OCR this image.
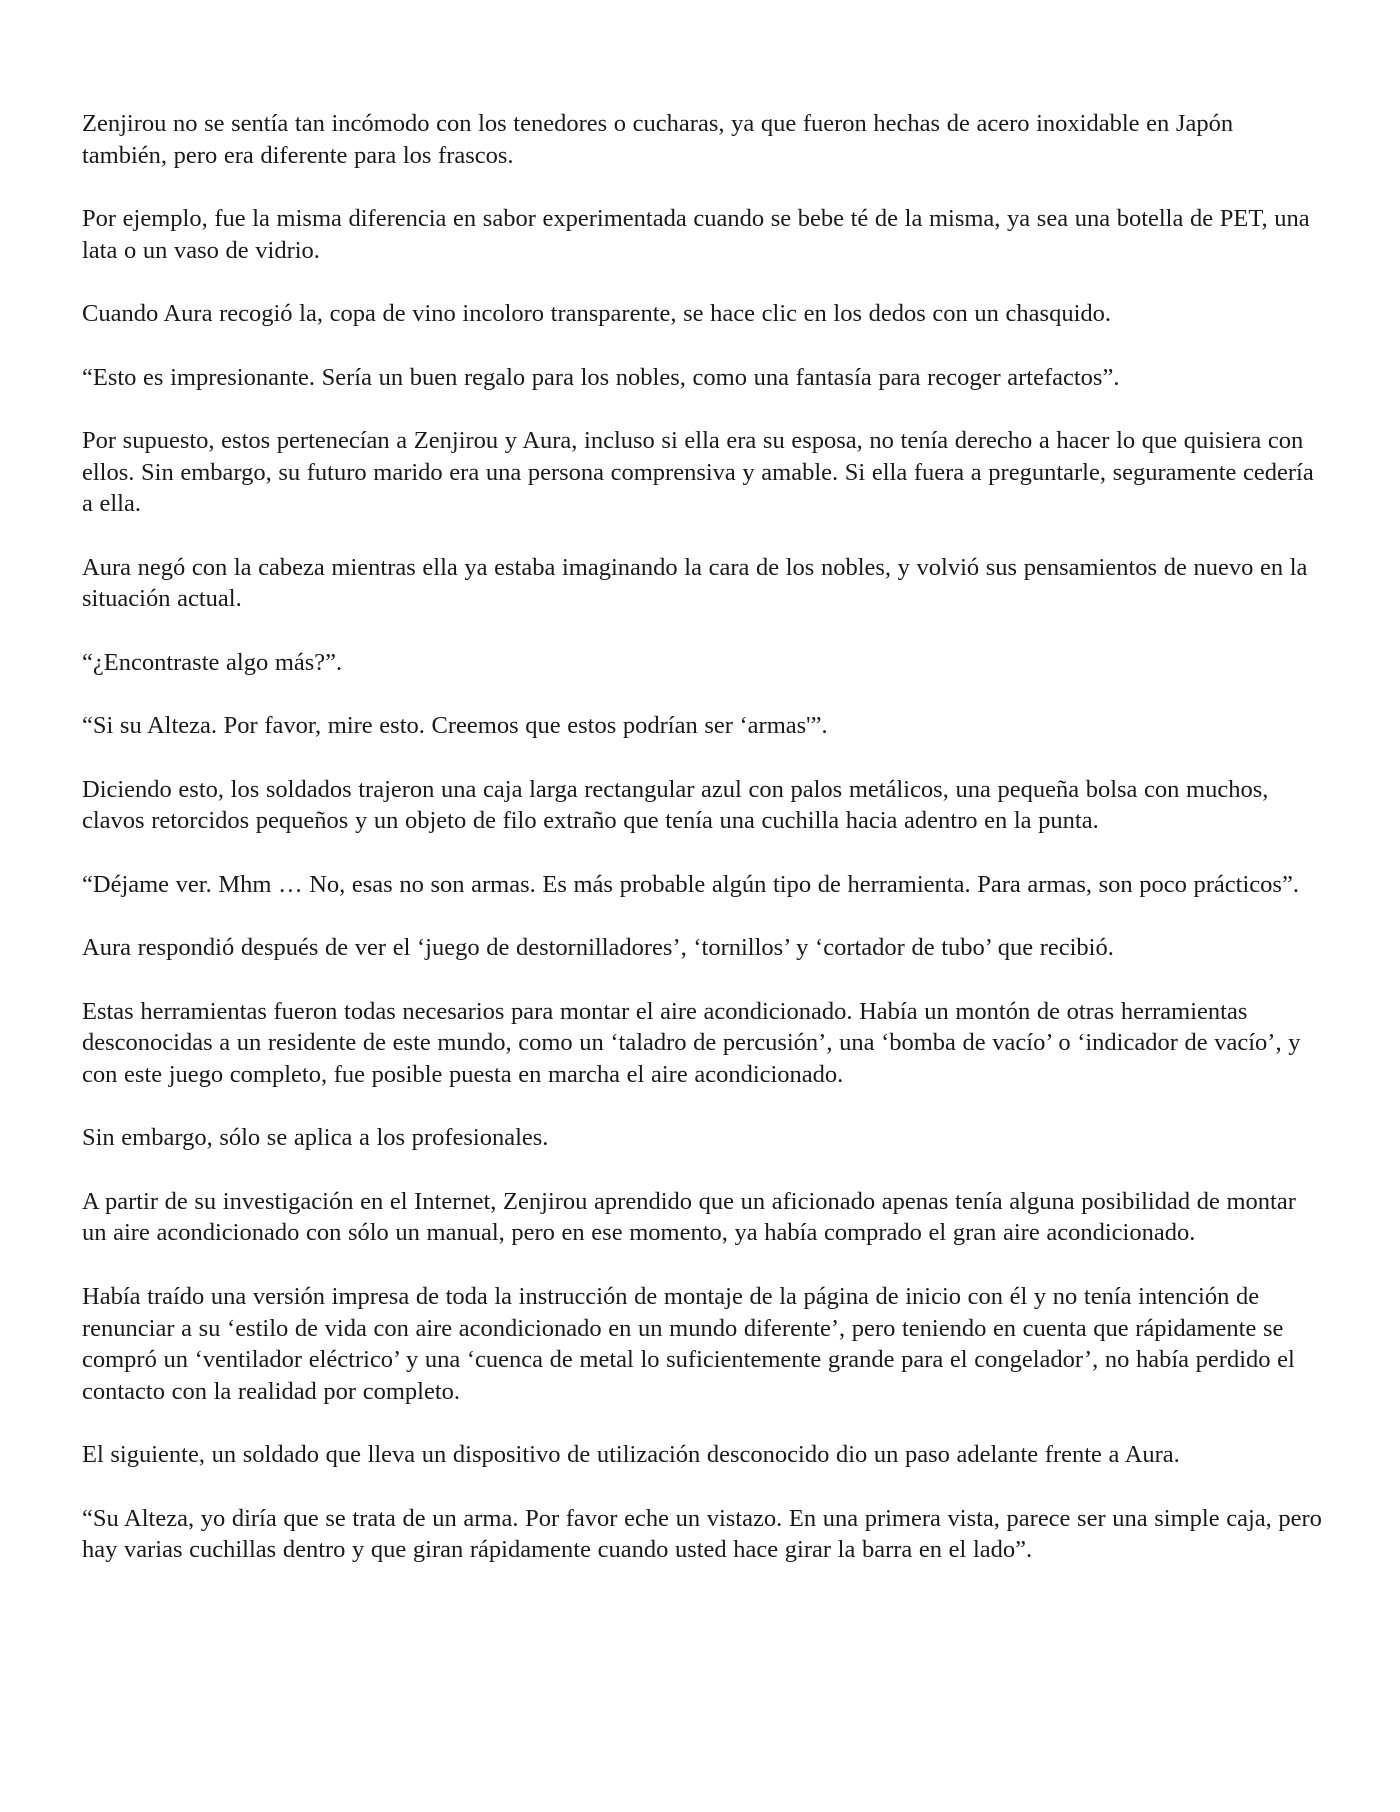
Zenjirou no se sentía tan incómodo con los tenedores o cucharas, ya que fueron hechas de acero inoxidable en Japón también, pero era diferente para los frascos.

Por ejemplo, fue la misma diferencia en sabor experimentada cuando se bebe té de la misma, ya sea una botella de PET, una lata o un vaso de vidrio.

Cuando Aura recogió la, copa de vino incoloro transparente, se hace clic en los dedos con un chasquido.

“Esto es impresionante. Sería un buen regalo para los nobles, como una fantasía para recoger artefactos”.

Por supuesto, estos pertenecían a Zenjirou y Aura, incluso si ella era su esposa, no tenía derecho a hacer lo que quisiera con ellos. Sin embargo, su futuro marido era una persona comprensiva y amable. Si ella fuera a preguntarle, seguramente cedería a ella.

Aura negó con la cabeza mientras ella ya estaba imaginando la cara de los nobles, y volvió sus pensamientos de nuevo en la situación actual.

“¿Encontraste algo más?”.

“Si su Alteza. Por favor, mire esto. Creemos que estos podrían ser ‘armas'”.

Diciendo esto, los soldados trajeron una caja larga rectangular azul con palos metálicos, una pequeña bolsa con muchos, clavos retorcidos pequeños y un objeto de filo extraño que tenía una cuchilla hacia adentro en la punta.

“Déjame ver. Mhm … No, esas no son armas. Es más probable algún tipo de herramienta. Para armas, son poco prácticos”.

Aura respondió después de ver el ‘juego de destornilladores’, ‘tornillos’ y ‘cortador de tubo’ que recibió.

Estas herramientas fueron todas necesarios para montar el aire acondicionado. Había un montón de otras herramientas desconocidas a un residente de este mundo, como un ‘taladro de percusión’, una ‘bomba de vacío’ o ‘indicador de vacío’, y con este juego completo, fue posible puesta en marcha el aire acondicionado.

Sin embargo, sólo se aplica a los profesionales.

A partir de su investigación en el Internet, Zenjirou aprendido que un aficionado apenas tenía alguna posibilidad de montar un aire acondicionado con sólo un manual, pero en ese momento, ya había comprado el gran aire acondicionado.

Había traído una versión impresa de toda la instrucción de montaje de la página de inicio con él y no tenía intención de renunciar a su ‘estilo de vida con aire acondicionado en un mundo diferente’, pero teniendo en cuenta que rápidamente se compró un ‘ventilador eléctrico’ y una ‘cuenca de metal lo suficientemente grande para el congelador’, no había perdido el contacto con la realidad por completo.

El siguiente, un soldado que lleva un dispositivo de utilización desconocido dio un paso adelante frente a Aura.

“Su Alteza, yo diría que se trata de un arma. Por favor eche un vistazo. En una primera vista, parece ser una simple caja, pero hay varias cuchillas dentro y que giran rápidamente cuando usted hace girar la barra en el lado”.
